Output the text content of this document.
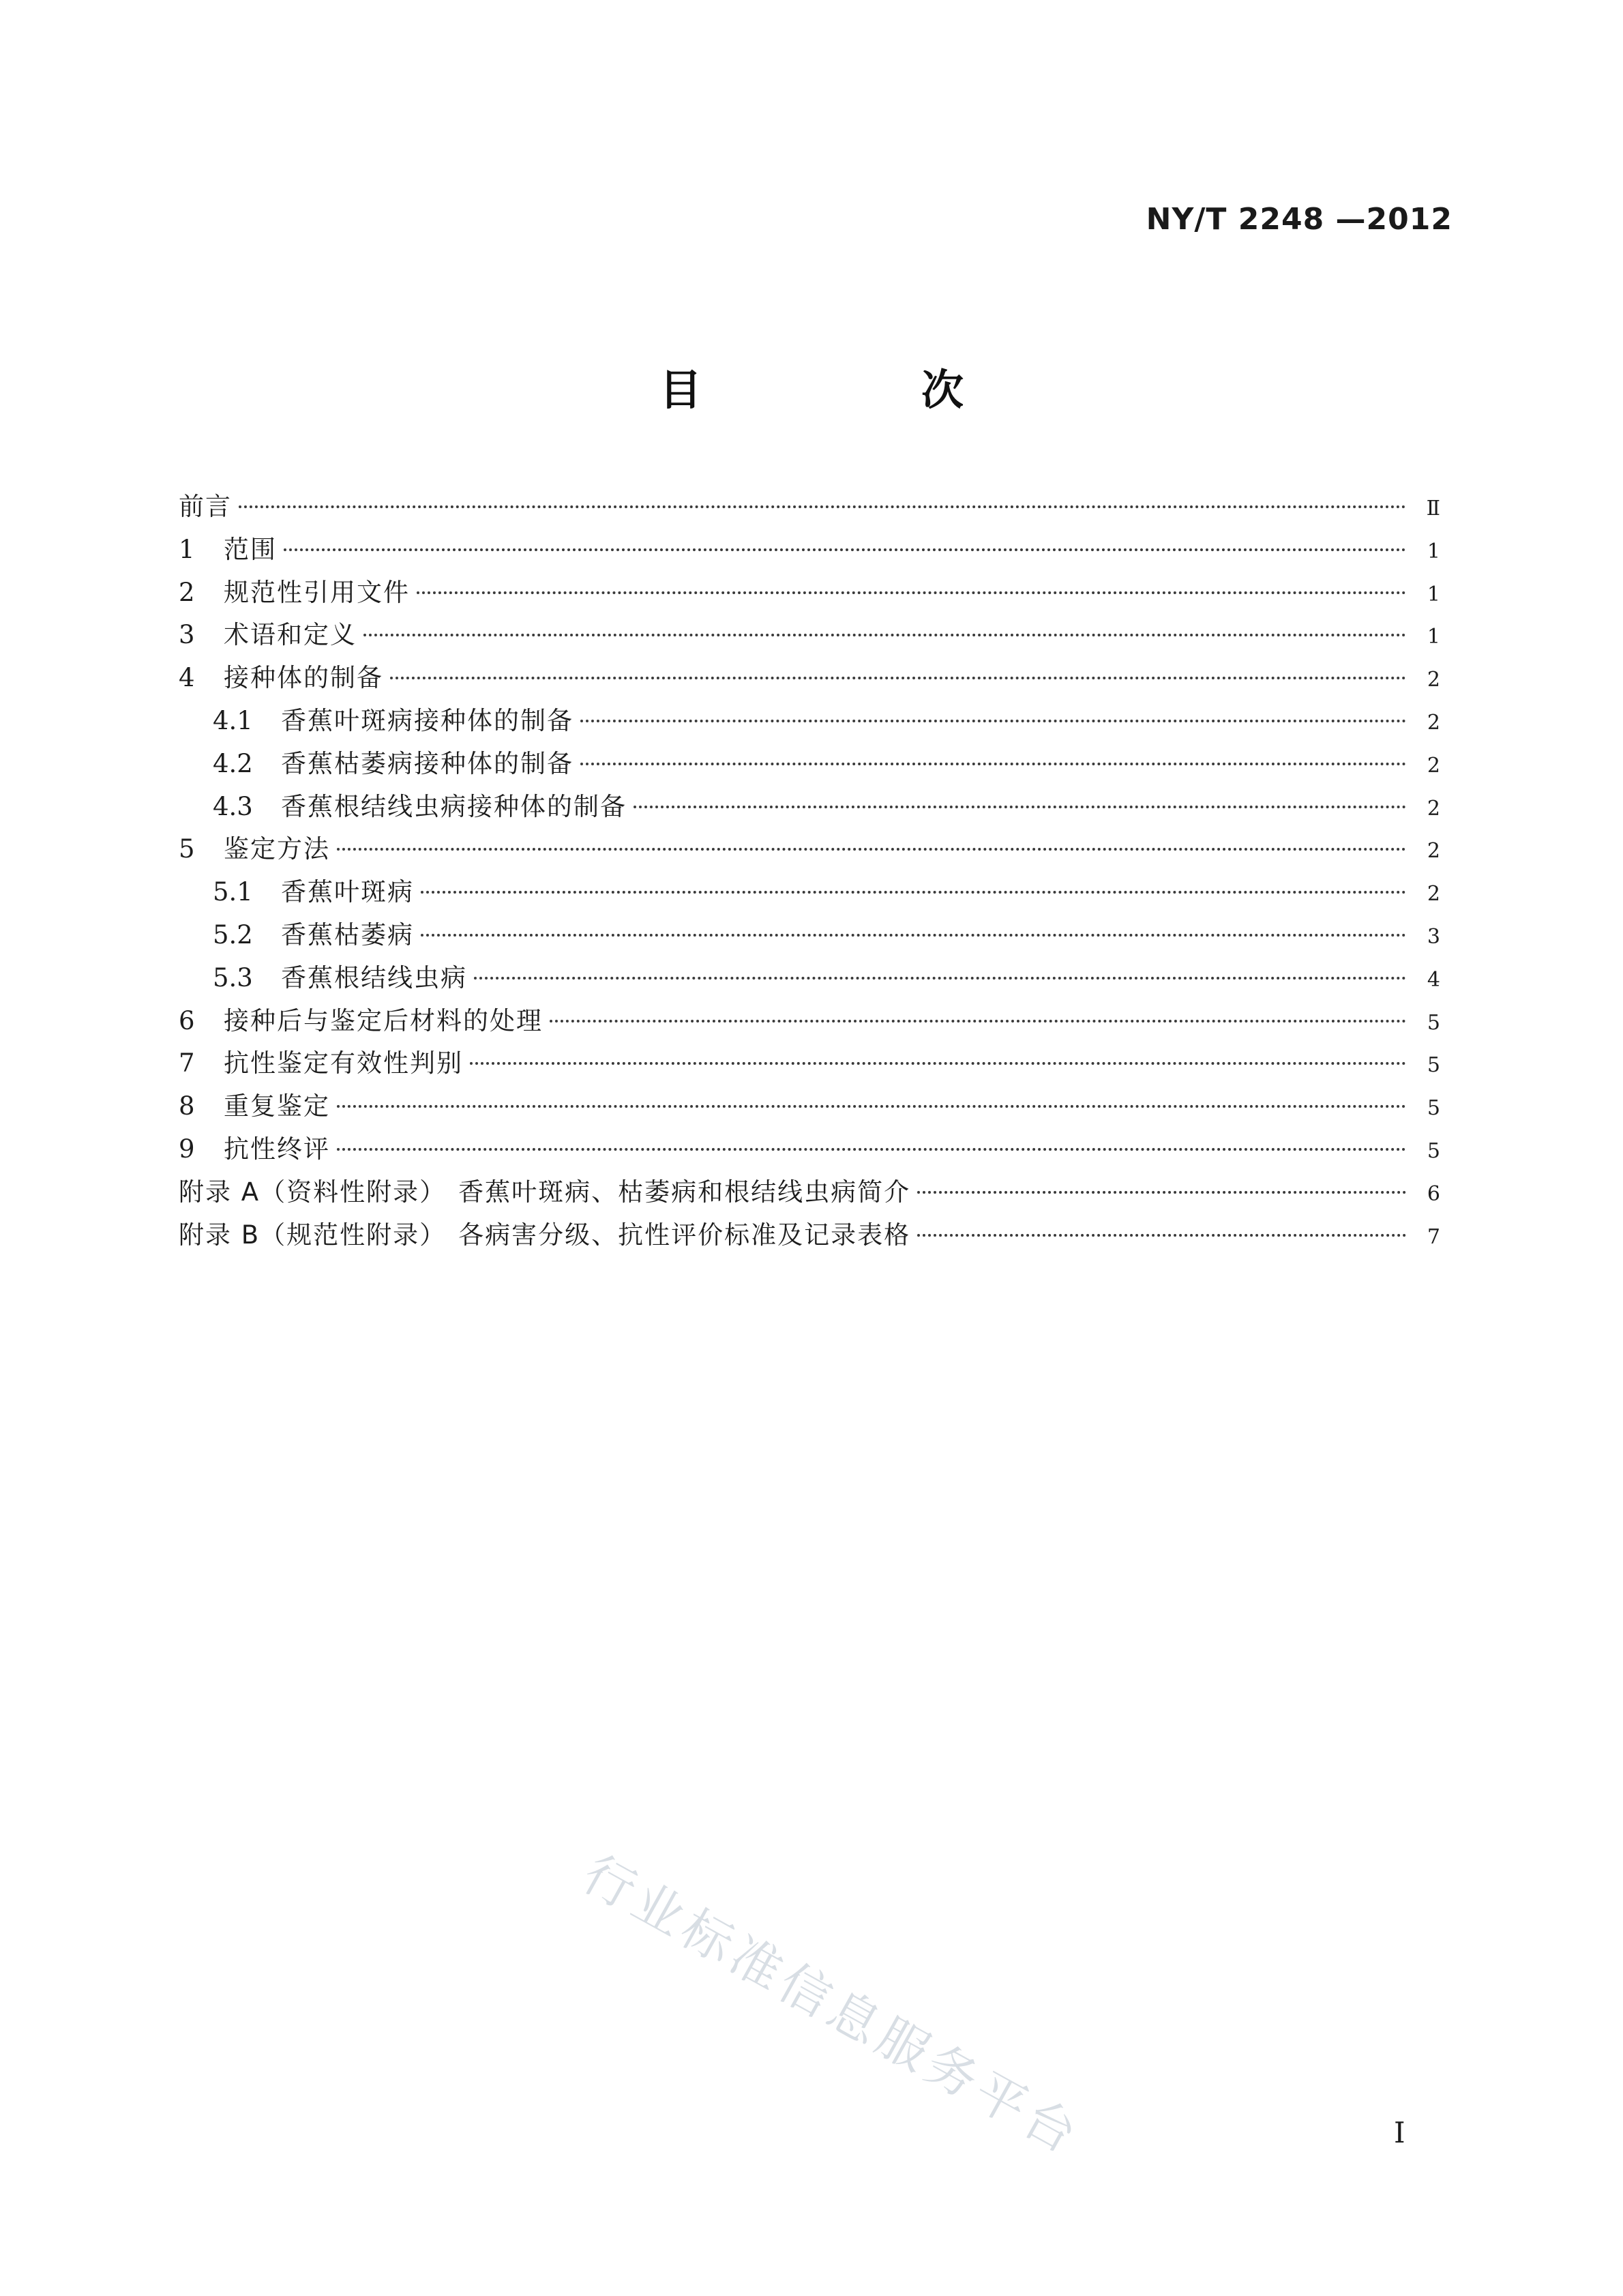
NY/T 2248 —2012
目　次
前言	Ⅱ
1	范围	1
2	规范性引用文件	1
3	术语和定义	1
4	接种体的制备	2
4.1	香蕉叶斑病接种体的制备	2
4.2	香蕉枯萎病接种体的制备	2
4.3	香蕉根结线虫病接种体的制备	2
5	鉴定方法	2
5.1	香蕉叶斑病	2
5.2	香蕉枯萎病	3
5.3	香蕉根结线虫病	4
6	接种后与鉴定后材料的处理	5
7	抗性鉴定有效性判别	5
8	重复鉴定	5
9	抗性终评	5
附录 A（资料性附录） 香蕉叶斑病、枯萎病和根结线虫病简介	6
附录 B（规范性附录） 各病害分级、抗性评价标准及记录表格	7
行业标准信息服务平台	I
